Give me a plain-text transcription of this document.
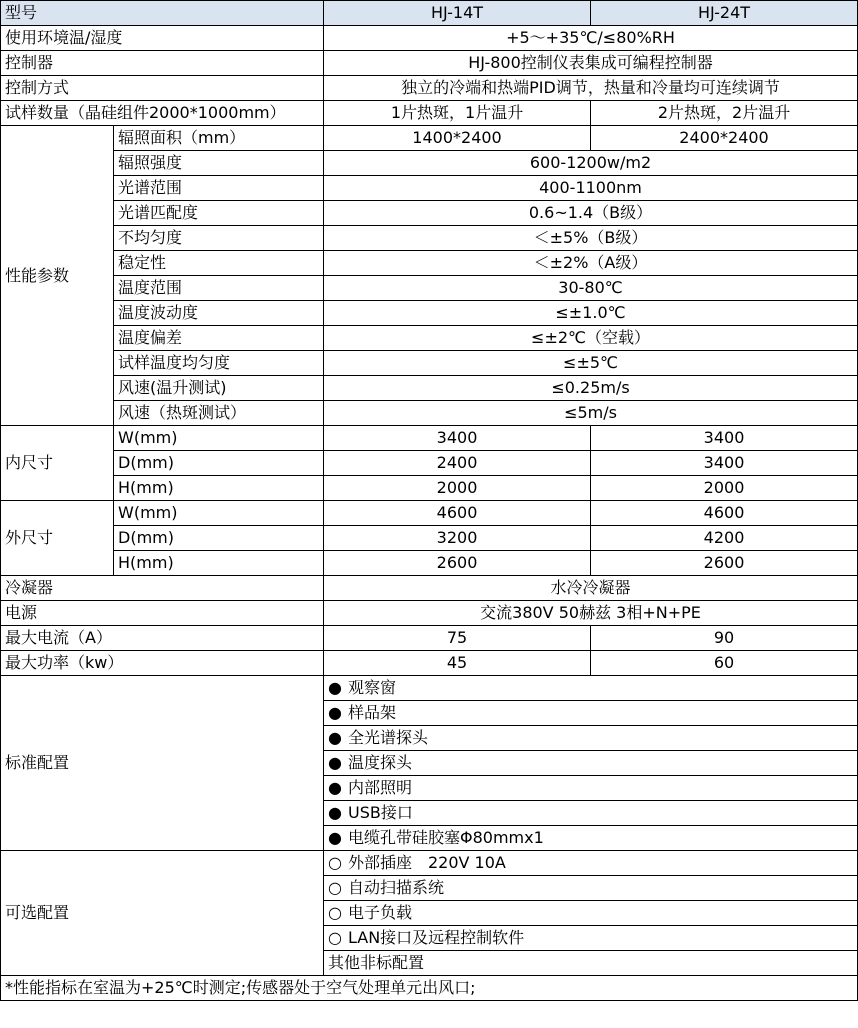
型号		HJ-14T	HJ-24T
使用环境温/湿度		+5～+35℃/≤80%RH	
控制器		HJ-800控制仪表集成可编程控制器	
控制方式		独立的冷端和热端PID调节，热量和冷量均可连续调节	
试样数量（晶硅组件2000*1000mm）		1片热斑，1片温升	2片热斑，2片温升
性能参数	辐照面积（mm）	1400*2400	2400*2400
	辐照强度	600-1200w/m2	
	光谱范围	400-1100nm	
	光谱匹配度	0.6~1.4（B级）	
	不均匀度	＜±5%（B级）	
	稳定性	＜±2%（A级）	
	温度范围	30-80℃	
	温度波动度	≤±1.0℃	
	温度偏差	≤±2℃（空载）	
	试样温度均匀度	≤±5℃	
	风速(温升测试)	≤0.25m/s	
	风速（热斑测试）	≤5m/s	
内尺寸	W(mm)	3400	3400
	D(mm)	2400	3400
	H(mm)	2000	2000
外尺寸	W(mm)	4600	4600
	D(mm)	3200	4200
	H(mm)	2600	2600
冷凝器		水冷冷凝器	
电源		交流380V 50赫兹 3相+N+PE	
最大电流（A）		75	90
最大功率（kw）		45	60
标准配置		● 观察窗	
		● 样品架	
		● 全光谱探头	
		● 温度探头	
		● 内部照明	
		● USB接口	
		● 电缆孔带硅胶塞Φ80mmx1	
可选配置		○ 外部插座　220V 10A	
		○ 自动扫描系统	
		○ 电子负载	
		○ LAN接口及远程控制软件	
		其他非标配置	
*性能指标在室温为+25℃时测定;传感器处于空气处理单元出风口;			
